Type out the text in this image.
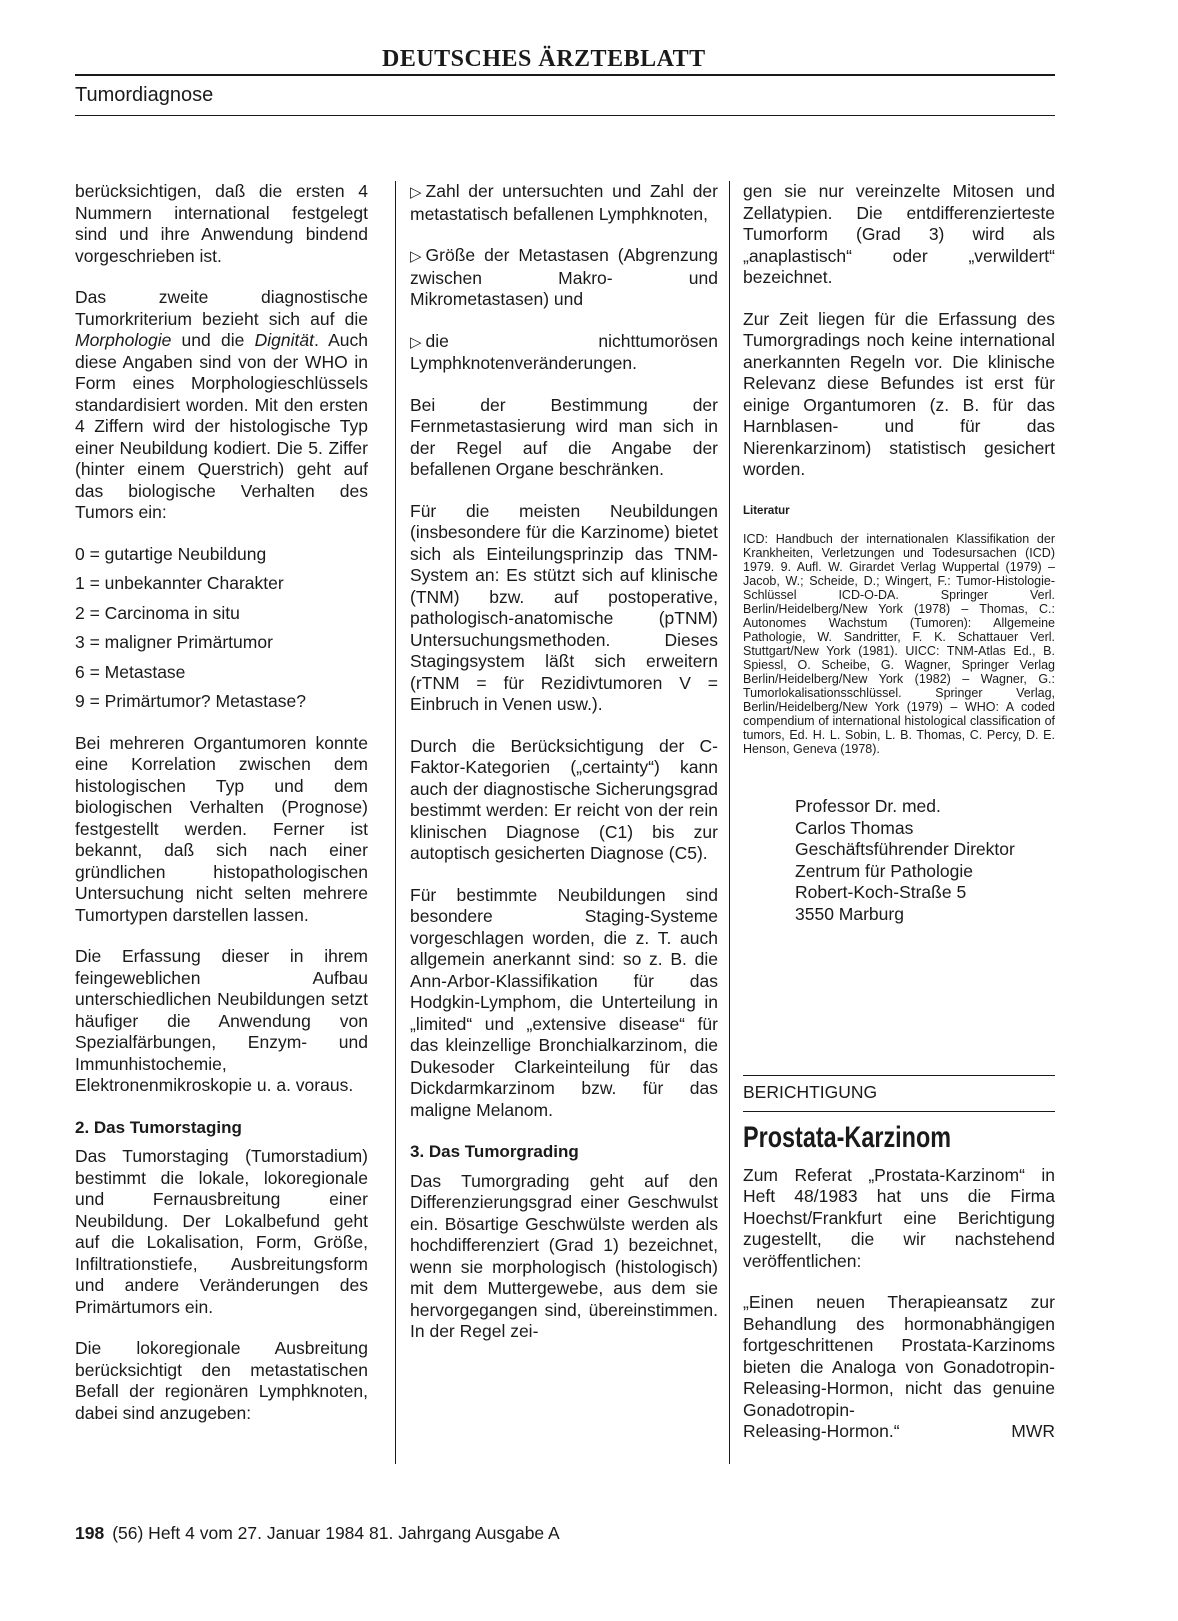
DEUTSCHES ÄRZTEBLATT
Tumordiagnose

berücksichtigen, daß die ersten 4 Nummern international festgelegt sind und ihre Anwendung bindend vorgeschrieben ist.

Das zweite diagnostische Tumorkriterium bezieht sich auf die Morphologie und die Dignität. Auch diese Angaben sind von der WHO in Form eines Morphologieschlüssels standardisiert worden. Mit den ersten 4 Ziffern wird der histologische Typ einer Neubildung kodiert. Die 5. Ziffer (hinter einem Querstrich) geht auf das biologische Verhalten des Tumors ein:

0 = gutartige Neubildung

1 = unbekannter Charakter

2 = Carcinoma in situ

3 = maligner Primärtumor

6 = Metastase

9 = Primärtumor? Metastase?

Bei mehreren Organtumoren konnte eine Korrelation zwischen dem histologischen Typ und dem biologischen Verhalten (Prognose) festgestellt werden. Ferner ist bekannt, daß sich nach einer gründlichen histopathologischen Untersuchung nicht selten mehrere Tumortypen darstellen lassen.

Die Erfassung dieser in ihrem feingeweblichen Aufbau unterschiedlichen Neubildungen setzt häufiger die Anwendung von Spezialfärbungen, Enzym- und Immunhistochemie, Elektronenmikroskopie u. a. voraus.

2. Das Tumorstaging

Das Tumorstaging (Tumorstadium) bestimmt die lokale, lokoregionale und Fernausbreitung einer Neubildung. Der Lokalbefund geht auf die Lokalisation, Form, Größe, Infiltrationstiefe, Ausbreitungsform und andere Veränderungen des Primärtumors ein.

Die lokoregionale Ausbreitung berücksichtigt den metastatischen Befall der regionären Lymphknoten, dabei sind anzugeben:

▷ Zahl der untersuchten und Zahl der metastatisch befallenen Lymphknoten,

▷ Größe der Metastasen (Abgrenzung zwischen Makro- und Mikrometastasen) und

▷ die nichttumorösen Lymphknotenveränderungen.

Bei der Bestimmung der Fernmetastasierung wird man sich in der Regel auf die Angabe der befallenen Organe beschränken.

Für die meisten Neubildungen (insbesondere für die Karzinome) bietet sich als Einteilungsprinzip das TNM-System an: Es stützt sich auf klinische (TNM) bzw. auf postoperative, pathologisch-anatomische (pTNM) Untersuchungsmethoden. Dieses Stagingsystem läßt sich erweitern (rTNM = für Rezidivtumoren V = Einbruch in Venen usw.).

Durch die Berücksichtigung der C-Faktor-Kategorien („certainty“) kann auch der diagnostische Sicherungsgrad bestimmt werden: Er reicht von der rein klinischen Diagnose (C1) bis zur autoptisch gesicherten Diagnose (C5).

Für bestimmte Neubildungen sind besondere Staging-Systeme vorgeschlagen worden, die z. T. auch allgemein anerkannt sind: so z. B. die Ann-Arbor-Klassifikation für das Hodgkin-Lymphom, die Unterteilung in „limited“ und „extensive disease“ für das kleinzellige Bronchialkarzinom, die Dukesoder Clarkeinteilung für das Dickdarmkarzinom bzw. für das maligne Melanom.

3. Das Tumorgrading

Das Tumorgrading geht auf den Differenzierungsgrad einer Geschwulst ein. Bösartige Geschwülste werden als hochdifferenziert (Grad 1) bezeichnet, wenn sie morphologisch (histologisch) mit dem Muttergewebe, aus dem sie hervorgegangen sind, übereinstimmen. In der Regel zei-

gen sie nur vereinzelte Mitosen und Zellatypien. Die entdifferenzierteste Tumorform (Grad 3) wird als „anaplastisch“ oder „verwildert“ bezeichnet.

Zur Zeit liegen für die Erfassung des Tumorgradings noch keine international anerkannten Regeln vor. Die klinische Relevanz diese Befundes ist erst für einige Organtumoren (z. B. für das Harnblasen- und für das Nierenkarzinom) statistisch gesichert worden.

Literatur

ICD: Handbuch der internationalen Klassifikation der Krankheiten, Verletzungen und Todesursachen (ICD) 1979. 9. Aufl. W. Girardet Verlag Wuppertal (1979) – Jacob, W.; Scheide, D.; Wingert, F.: Tumor-Histologie-Schlüssel ICD-O-DA. Springer Verl. Berlin/Heidelberg/New York (1978) – Thomas, C.: Autonomes Wachstum (Tumoren): Allgemeine Pathologie, W. Sandritter, F. K. Schattauer Verl. Stuttgart/New York (1981). UICC: TNM-Atlas Ed., B. Spiessl, O. Scheibe, G. Wagner, Springer Verlag Berlin/Heidelberg/New York (1982) – Wagner, G.: Tumorlokalisationsschlüssel. Springer Verlag, Berlin/Heidelberg/New York (1979) – WHO: A coded compendium of international histological classification of tumors, Ed. H. L. Sobin, L. B. Thomas, C. Percy, D. E. Henson, Geneva (1978).

Professor Dr. med.
Carlos Thomas
Geschäftsführender Direktor
Zentrum für Pathologie
Robert-Koch-Straße 5
3550 Marburg

BERICHTIGUNG

Prostata-Karzinom

Zum Referat „Prostata-Karzinom“ in Heft 48/1983 hat uns die Firma Hoechst/Frankfurt eine Berichtigung zugestellt, die wir nachstehend veröffentlichen:

„Einen neuen Therapieansatz zur Behandlung des hormonabhängigen fortgeschrittenen Prostata-Karzinoms bieten die Analoga von Gonadotropin-Releasing-Hormon, nicht das genuine Gonadotropin-

Releasing-Hormon.“	MWR
198 (56) Heft 4 vom 27. Januar 1984 81. Jahrgang Ausgabe A
